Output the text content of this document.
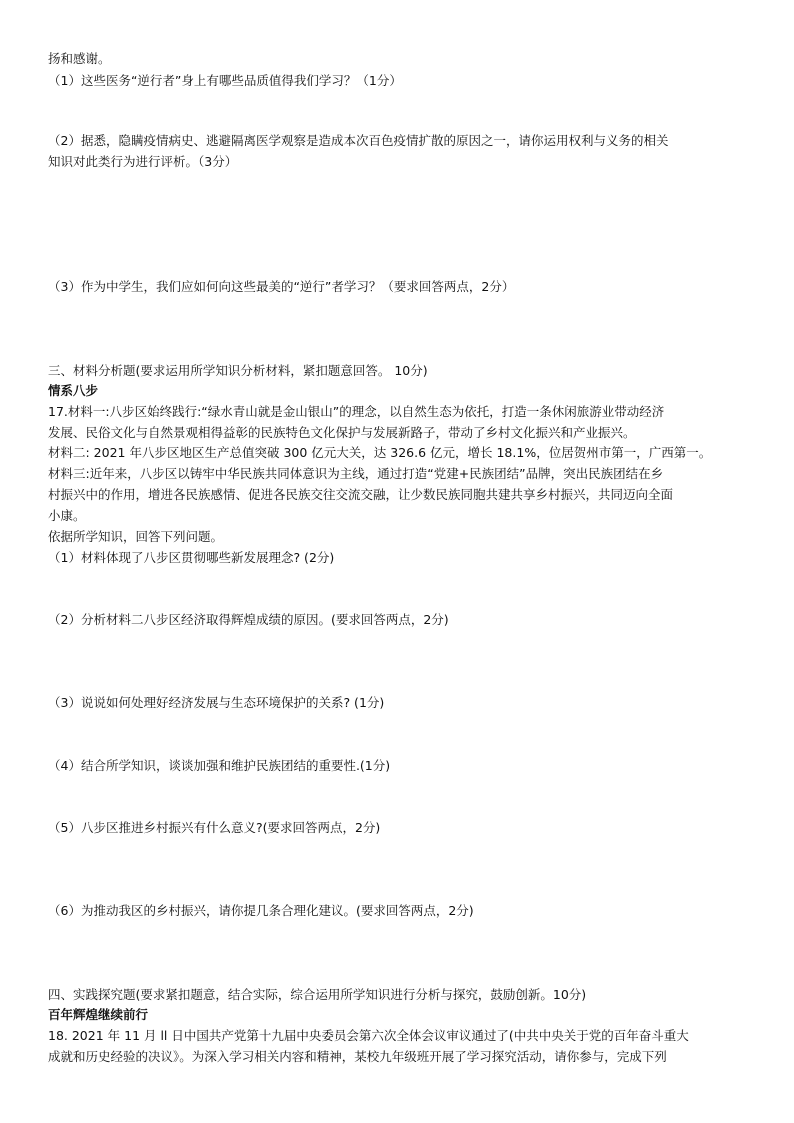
扬和感谢。
（1）这些医务“逆行者”身上有哪些品质值得我们学习？（1分）
（2）据悉，隐瞒疫情病史、逃避隔离医学观察是造成本次百色疫情扩散的原因之一，请你运用权利与义务的相关
知识对此类行为进行评析。（3分）
（3）作为中学生，我们应如何向这些最美的“逆行”者学习？（要求回答两点，2分）
三、材料分析题(要求运用所学知识分析材料，紧扣题意回答。 10分)
情系八步
17.材料一:八步区始终践行:“绿水青山就是金山银山”的理念，以自然生态为依托，打造一条休闲旅游业带动经济
发展、民俗文化与自然景观相得益彰的民族特色文化保护与发展新路子，带动了乡村文化振兴和产业振兴。
材料二: 2021 年八步区地区生产总值突破 300 亿元大关，达 326.6 亿元，增长 18.1%，位居贺州市第一，广西第一。
材料三:近年来，八步区以铸牢中华民族共同体意识为主线，通过打造“党建+民族团结”品牌，突出民族团结在乡
村振兴中的作用，增进各民族感情、促进各民族交往交流交融，让少数民族同胞共建共享乡村振兴，共同迈向全面
小康。
依据所学知识，回答下列问题。
（1）材料体现了八步区贯彻哪些新发展理念? (2分)
（2）分析材料二八步区经济取得辉煌成绩的原因。(要求回答两点，2分)
（3）说说如何处理好经济发展与生态环境保护的关系? (1分)
（4）结合所学知识，谈谈加强和维护民族团结的重要性.(1分)
（5）八步区推进乡村振兴有什么意义?(要求回答两点，2分)
（6）为推动我区的乡村振兴，请你提几条合理化建议。(要求回答两点，2分)
四、实践探究题(要求紧扣题意，结合实际，综合运用所学知识进行分析与探究，鼓励创新。10分)
百年辉煌继续前行
18. 2021 年 11 月 ll 日中国共产党第十九届中央委员会第六次全体会议审议通过了(中共中央关于党的百年奋斗重大
成就和历史经验的决议》。为深入学习相关内容和精神，某校九年级班开展了学习探究活动，请你参与，完成下列
